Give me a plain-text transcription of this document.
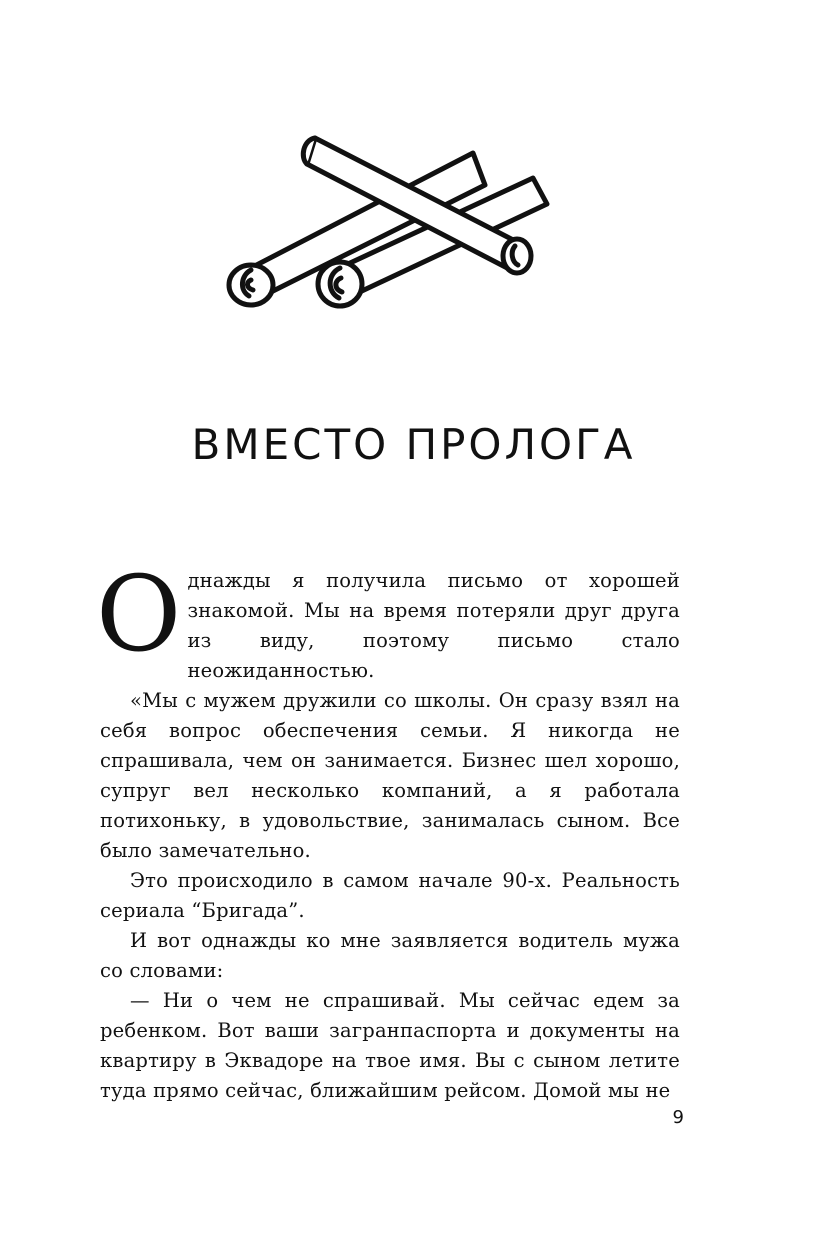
ВМЕСТО ПРОЛОГА

Однажды я получила письмо от хорошей знакомой. Мы на время потеряли друг друга из виду, поэтому письмо стало неожиданностью.

«Мы с мужем дружили со школы. Он сразу взял на себя вопрос обеспечения семьи. Я никогда не спрашивала, чем он занимается. Бизнес шел хорошо, супруг вел несколько компаний, а я работала потихоньку, в удовольствие, занималась сыном. Все было замечательно.

Это происходило в самом начале 90-х. Реальность сериала “Бригада”.

И вот однажды ко мне заявляется водитель мужа со словами:

— Ни о чем не спрашивай. Мы сейчас едем за ребенком. Вот ваши загранпаспорта и документы на квартиру в Эквадоре на твое имя. Вы с сыном летите туда прямо сейчас, ближайшим рейсом. Домой мы не

9
